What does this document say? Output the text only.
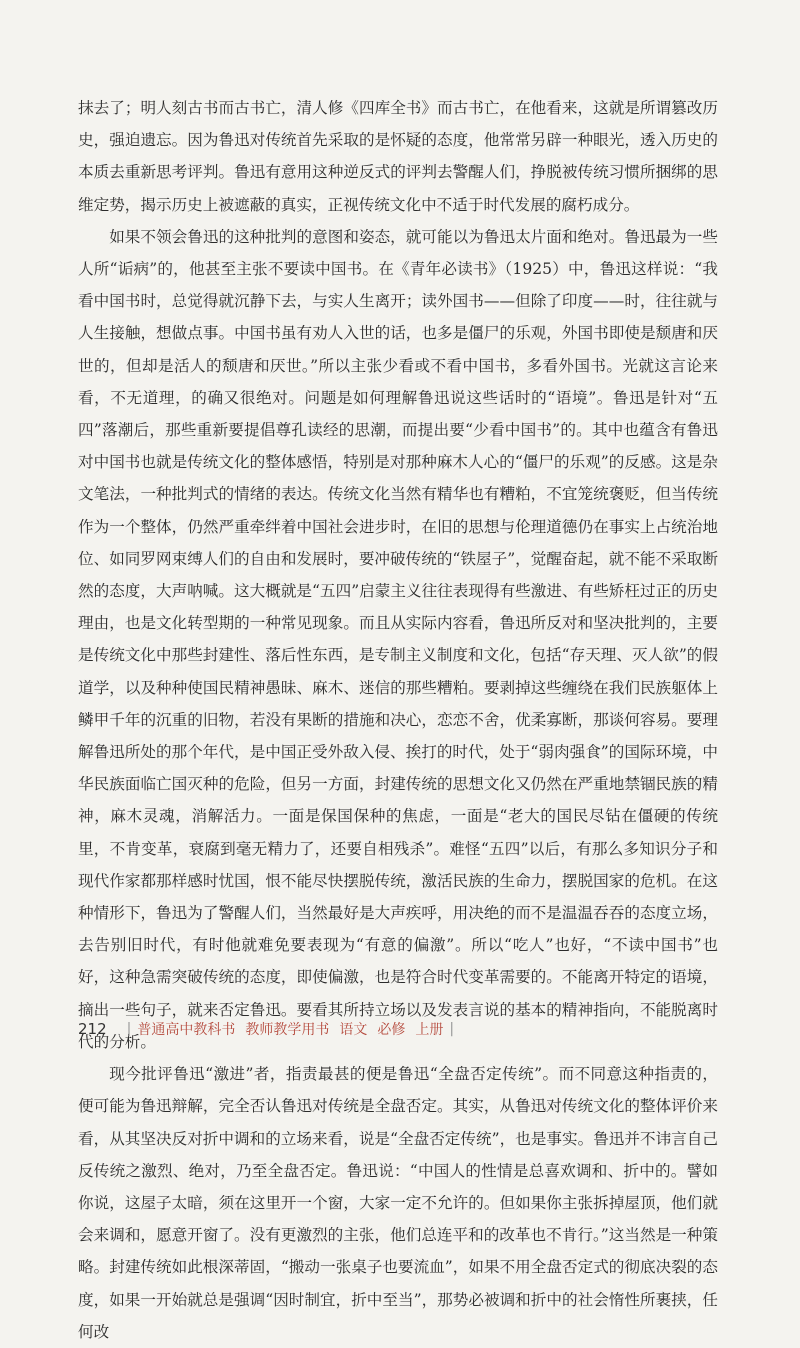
抹去了；明人刻古书而古书亡，清人修《四库全书》而古书亡，在他看来，这就是所谓篡改历史，强迫遗忘。因为鲁迅对传统首先采取的是怀疑的态度，他常常另辟一种眼光，透入历史的本质去重新思考评判。鲁迅有意用这种逆反式的评判去警醒人们，挣脱被传统习惯所捆绑的思维定势，揭示历史上被遮蔽的真实，正视传统文化中不适于时代发展的腐朽成分。

如果不领会鲁迅的这种批判的意图和姿态，就可能以为鲁迅太片面和绝对。鲁迅最为一些人所“诟病”的，他甚至主张不要读中国书。在《青年必读书》（1925）中，鲁迅这样说：“我看中国书时，总觉得就沉静下去，与实人生离开；读外国书——但除了印度——时，往往就与人生接触，想做点事。中国书虽有劝人入世的话，也多是僵尸的乐观，外国书即使是颓唐和厌世的，但却是活人的颓唐和厌世。”所以主张少看或不看中国书，多看外国书。光就这言论来看，不无道理，的确又很绝对。问题是如何理解鲁迅说这些话时的“语境”。鲁迅是针对“五四”落潮后，那些重新要提倡尊孔读经的思潮，而提出要“少看中国书”的。其中也蕴含有鲁迅对中国书也就是传统文化的整体感悟，特别是对那种麻木人心的“僵尸的乐观”的反感。这是杂文笔法，一种批判式的情绪的表达。传统文化当然有精华也有糟粕，不宜笼统褒贬，但当传统作为一个整体，仍然严重牵绊着中国社会进步时，在旧的思想与伦理道德仍在事实上占统治地位、如同罗网束缚人们的自由和发展时，要冲破传统的“铁屋子”，觉醒奋起，就不能不采取断然的态度，大声呐喊。这大概就是“五四”启蒙主义往往表现得有些激进、有些矫枉过正的历史理由，也是文化转型期的一种常见现象。而且从实际内容看，鲁迅所反对和坚决批判的，主要是传统文化中那些封建性、落后性东西，是专制主义制度和文化，包括“存天理、灭人欲”的假道学，以及种种使国民精神愚昧、麻木、迷信的那些糟粕。要剥掉这些缠绕在我们民族躯体上鳞甲千年的沉重的旧物，若没有果断的措施和决心，恋恋不舍，优柔寡断，那谈何容易。要理解鲁迅所处的那个年代，是中国正受外敌入侵、挨打的时代，处于“弱肉强食”的国际环境，中华民族面临亡国灭种的危险，但另一方面，封建传统的思想文化又仍然在严重地禁锢民族的精神，麻木灵魂，消解活力。一面是保国保种的焦虑，一面是“老大的国民尽钻在僵硬的传统里，不肯变革，衰腐到毫无精力了，还要自相残杀”。难怪“五四”以后，有那么多知识分子和现代作家都那样感时忧国，恨不能尽快摆脱传统，激活民族的生命力，摆脱国家的危机。在这种情形下，鲁迅为了警醒人们，当然最好是大声疾呼，用决绝的而不是温温吞吞的态度立场，去告别旧时代，有时他就难免要表现为“有意的偏激”。所以“吃人”也好，“不读中国书”也好，这种急需突破传统的态度，即使偏激，也是符合时代变革需要的。不能离开特定的语境，摘出一些句子，就来否定鲁迅。要看其所持立场以及发表言说的基本的精神指向，不能脱离时代的分析。

现今批评鲁迅“激进”者，指责最甚的便是鲁迅“全盘否定传统”。而不同意这种指责的，便可能为鲁迅辩解，完全否认鲁迅对传统是全盘否定。其实，从鲁迅对传统文化的整体评价来看，从其坚决反对折中调和的立场来看，说是“全盘否定传统”，也是事实。鲁迅并不讳言自己反传统之激烈、绝对，乃至全盘否定。鲁迅说：“中国人的性情是总喜欢调和、折中的。譬如你说，这屋子太暗，须在这里开一个窗，大家一定不允许的。但如果你主张拆掉屋顶，他们就会来调和，愿意开窗了。没有更激烈的主张，他们总连平和的改革也不肯行。”这当然是一种策略。封建传统如此根深蒂固，“搬动一张桌子也要流血”，如果不用全盘否定式的彻底决裂的态度，如果一开始就总是强调“因时制宜，折中至当”，那势必被调和折中的社会惰性所裹挟，任何改

212 | 普通高中教科书 教师教学用书 语文 必修 上册 |
